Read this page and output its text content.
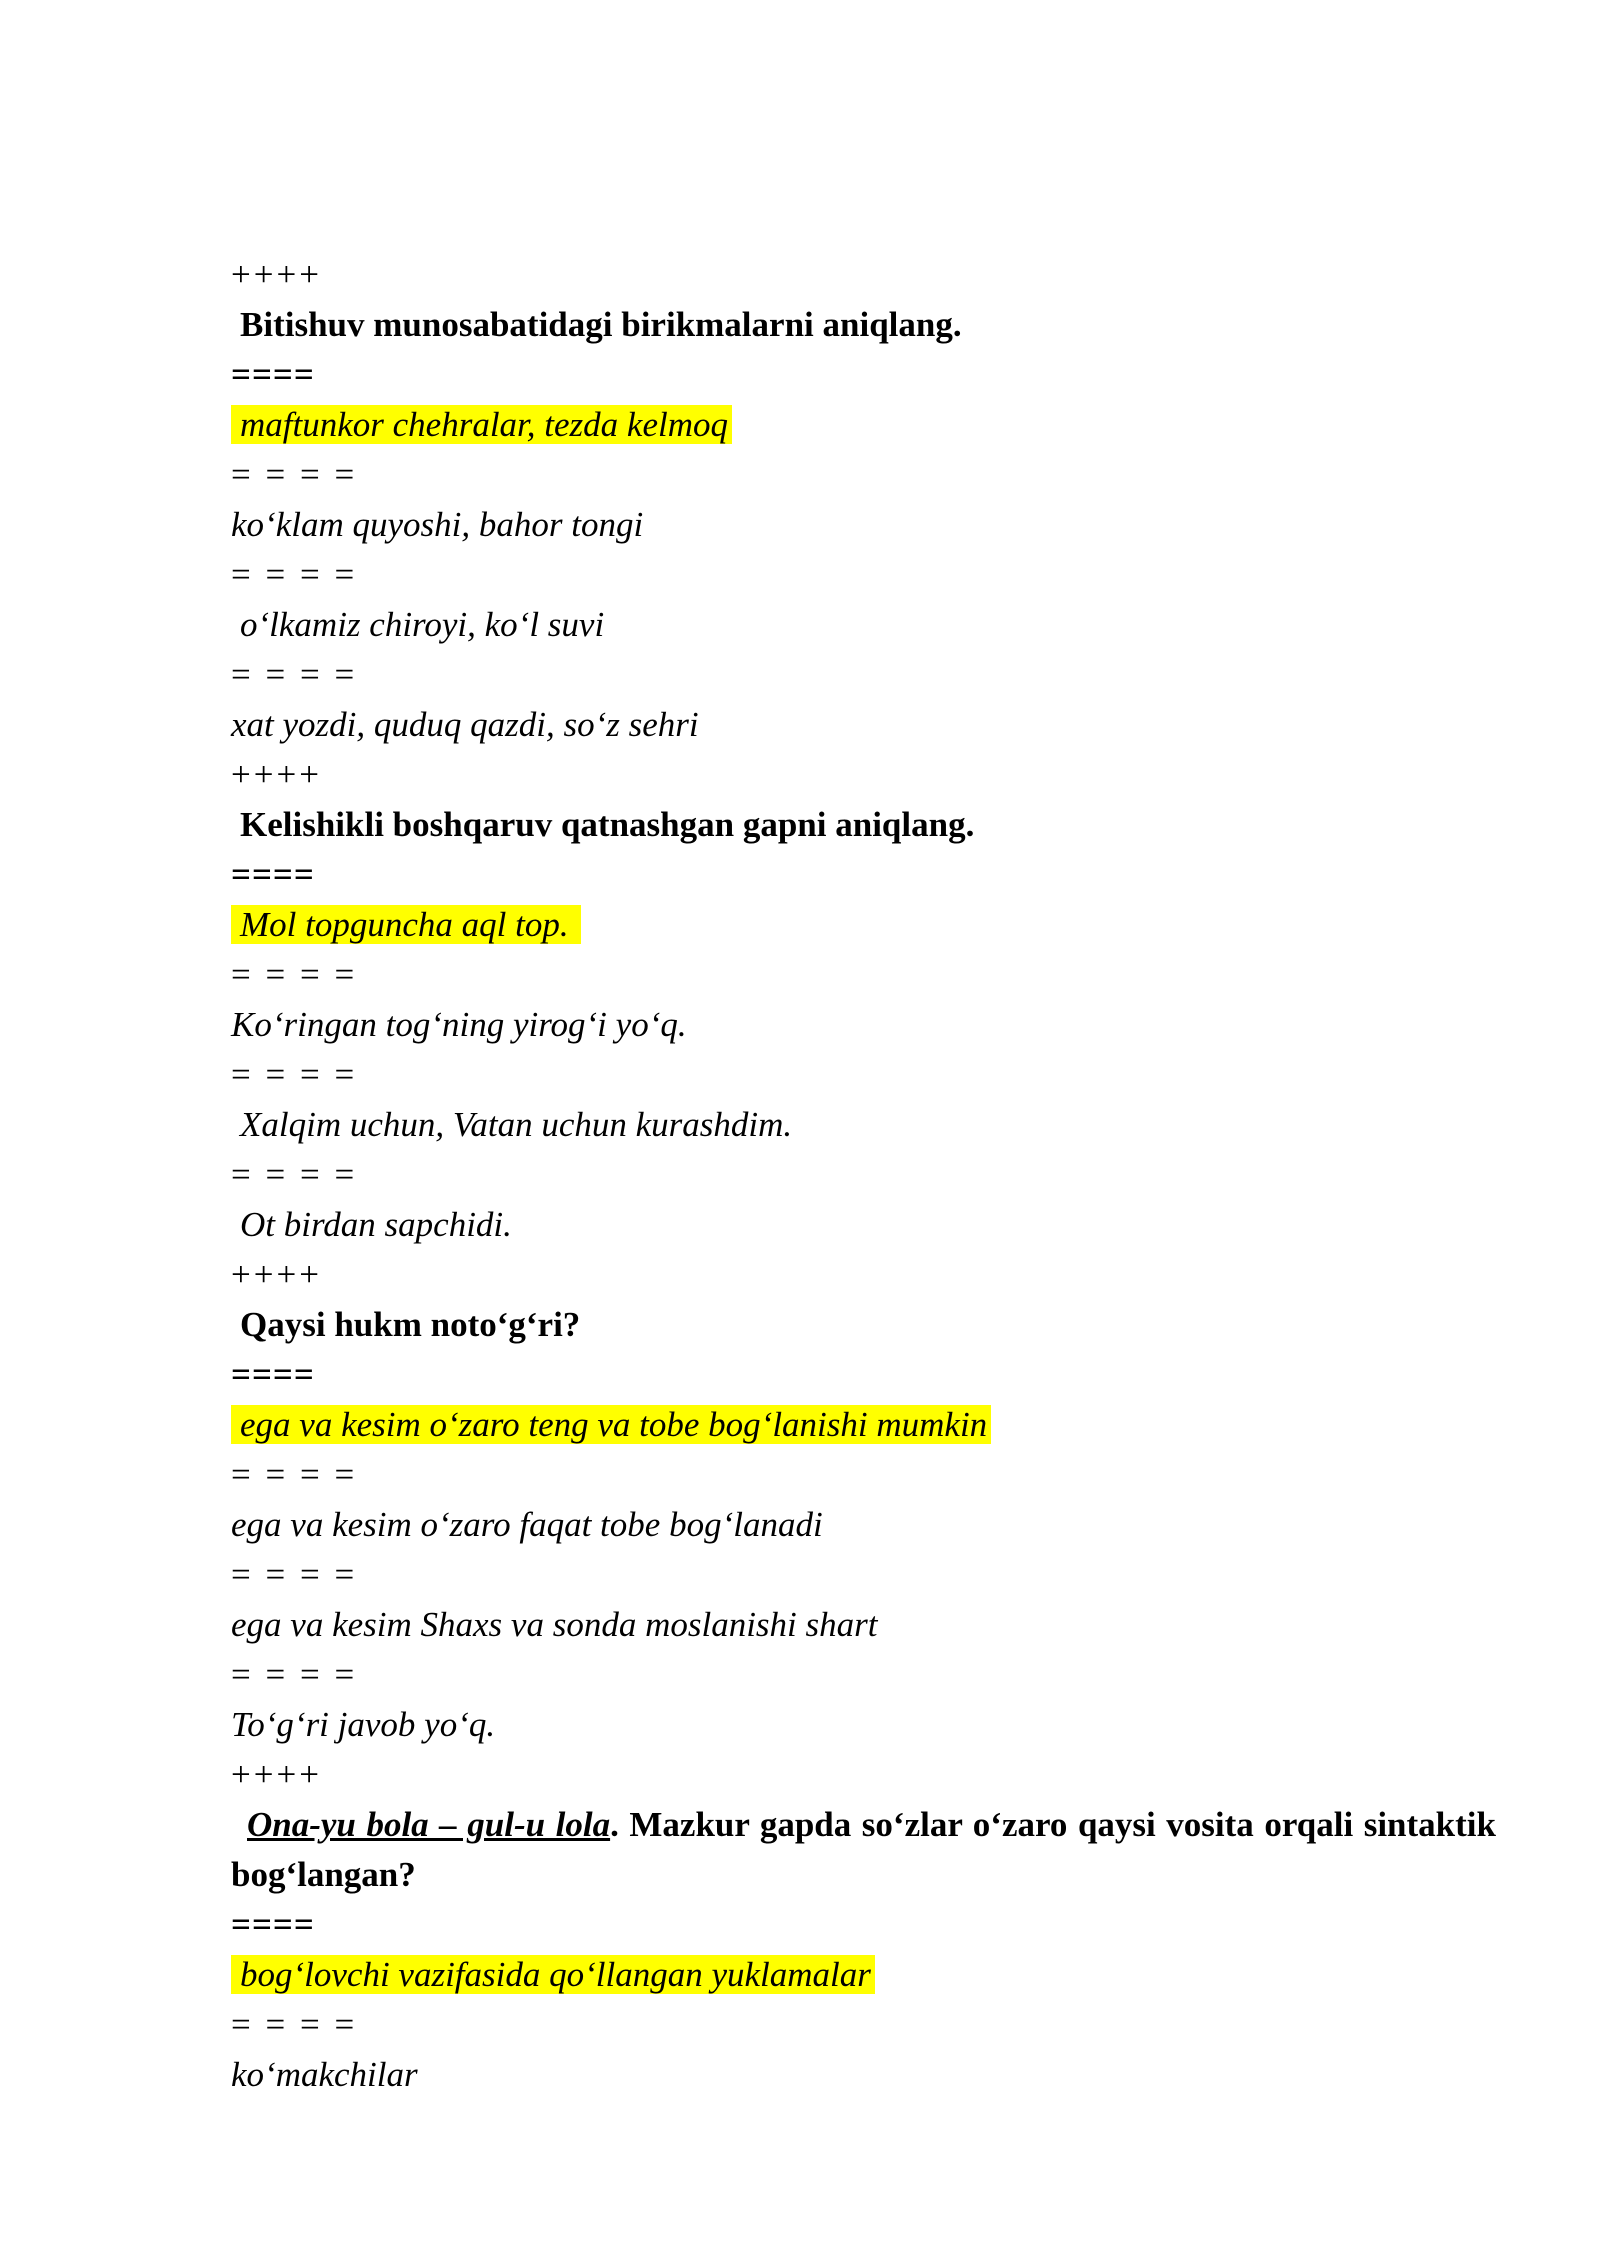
++++

Bitishuv munosabatidagi birikmalarni aniqlang.

====

maftunkor chehralar, tezda kelmoq

= = = =

ko‘klam quyoshi, bahor tongi

= = = =

o‘lkamiz chiroyi, ko‘l suvi

= = = =

xat yozdi, quduq qazdi, so‘z sehri

++++

Kelishikli boshqaruv qatnashgan gapni aniqlang.

====

Mol topguncha aql top.

= = = =

Ko‘ringan tog‘ning yirog‘i yo‘q.

= = = =

Xalqim uchun, Vatan uchun kurashdim.

= = = =

Ot birdan sapchidi.

++++

Qaysi hukm noto‘g‘ri?

====

ega va kesim o‘zaro teng va tobe bog‘lanishi mumkin

= = = =

ega va kesim o‘zaro faqat tobe bog‘lanadi

= = = =

ega va kesim Shaxs va sonda moslanishi shart

= = = =

To‘g‘ri javob yo‘q.

++++

Ona-yu bola – gul-u lola. Mazkur gapda so‘zlar o‘zaro qaysi vosita orqali sintaktik bog‘langan?

====

bog‘lovchi vazifasida qo‘llangan yuklamalar

= = = =

ko‘makchilar
